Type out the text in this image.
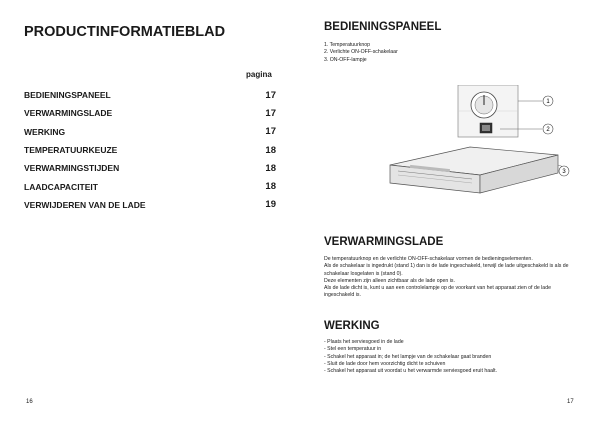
PRODUCTINFORMATIEBLAD
pagina
BEDIENINGSPANEEL	17
VERWARMINGSLADE	17
WERKING	17
TEMPERATUURKEUZE	18
VERWARMINGSTIJDEN	18
LAADCAPACITEIT	18
VERWIJDEREN VAN DE LADE	19
16
BEDIENINGSPANEEL
1. Temperatuurknop
2. Verlichte ON-OFF-schakelaar
3. ON-OFF-lampje
1
2
3
VERWARMINGSLADE

De temperatuurknop en de verlichte ON-OFF-schakelaar vormen de bedieningselementen.

Als de schakelaar is ingedrukt (stand 1) dan is de lade ingeschakeld, terwijl de lade uitgeschakeld is als de schakelaar losgelaten is (stand 0).

Deze elementen zijn alleen zichtbaar als de lade open is.

Als de lade dicht is, kunt u aan een controlelampje op de voorkant van het apparaat zien of de lade ingeschakeld is.

WERKING
- Plaats het serviesgoed in de lade
- Stel een temperatuur in
- Schakel het apparaat in; de het lampje van de schakelaar gaat branden
- Sluit de lade door hem voorzichtig dicht te schuiven
- Schakel het apparaat uit voordat u het verwarmde serviesgoed eruit haalt.
17
